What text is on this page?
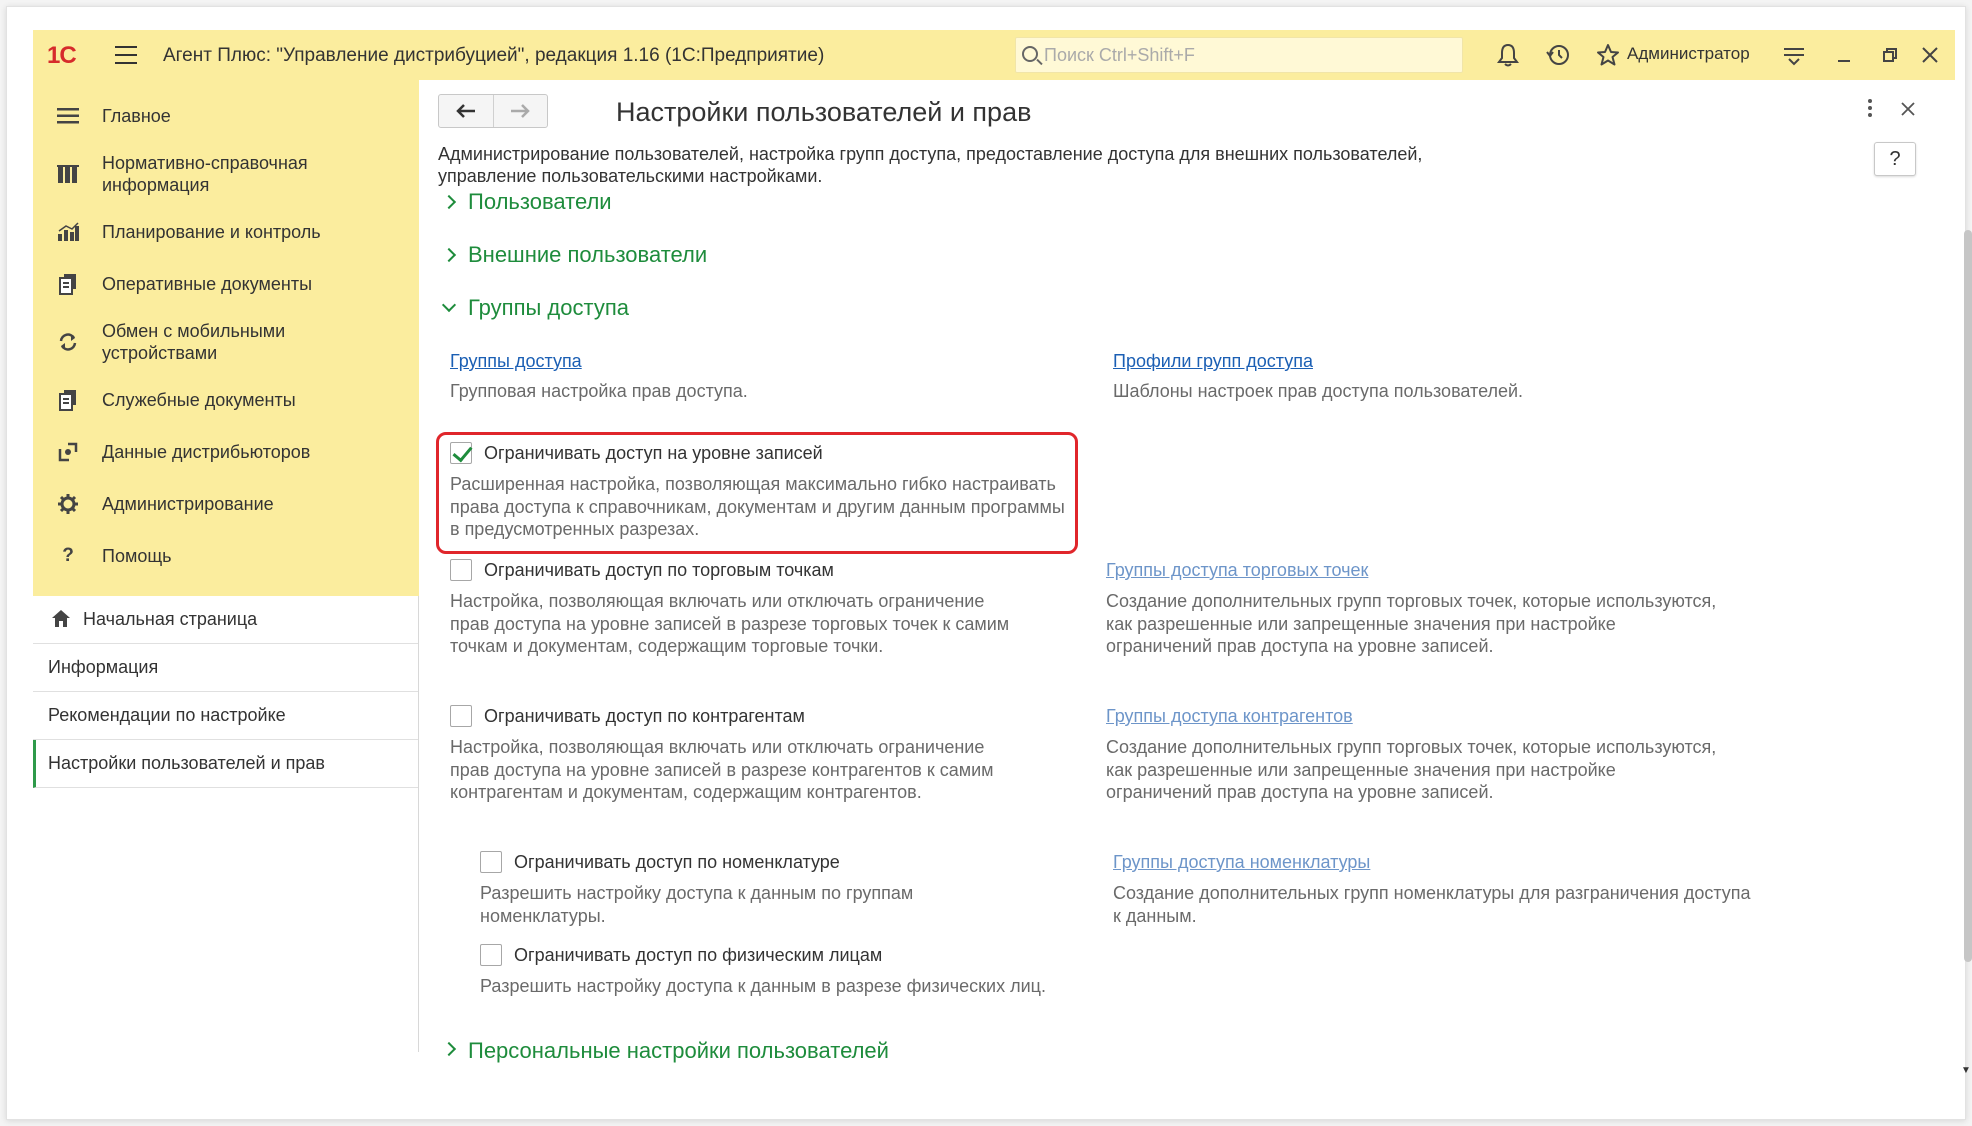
1С	Агент Плюс: "Управление дистрибуцией", редакция 1.16 (1С:Предприятие)
Поиск Ctrl+Shift+F	Администратор
Главное
Нормативно-справочная информация
Планирование и контроль
Оперативные документы
Обмен с мобильными устройствами
Служебные документы
Данные дистрибьюторов
Администрирование
? Помощь
Начальная страница
Информация
Рекомендации по настройке
Настройки пользователей и прав
Настройки пользователей и прав
?
Администрирование пользователей, настройка групп доступа, предоставление доступа для внешних пользователей, управление пользовательскими настройками.
Пользователи
Внешние пользователи
Группы доступа
Группы доступа
Групповая настройка прав доступа.
Профили групп доступа
Шаблоны настроек прав доступа пользователей.
Ограничивать доступ на уровне записей
Расширенная настройка, позволяющая максимально гибко настраивать права доступа к справочникам, документам и другим данным программы в предусмотренных разрезах.
Ограничивать доступ по торговым точкам
Настройка, позволяющая включать или отключать ограничение прав доступа на уровне записей в разрезе торговых точек к самим точкам и документам, содержащим торговые точки.
Группы доступа торговых точек
Создание дополнительных групп торговых точек, которые используются, как разрешенные или запрещенные значения при настройке ограничений прав доступа на уровне записей.
Ограничивать доступ по контрагентам
Настройка, позволяющая включать или отключать ограничение прав доступа на уровне записей в разрезе контрагентов к самим контрагентам и документам, содержащим контрагентов.
Группы доступа контрагентов
Создание дополнительных групп торговых точек, которые используются, как разрешенные или запрещенные значения при настройке ограничений прав доступа на уровне записей.
Ограничивать доступ по номенклатуре
Разрешить настройку доступа к данным по группам номенклатуры.
Группы доступа номенклатуры
Создание дополнительных групп номенклатуры для разграничения доступа к данным.
Ограничивать доступ по физическим лицам
Разрешить настройку доступа к данным в разрезе физических лиц.
Персональные настройки пользователей
▼
